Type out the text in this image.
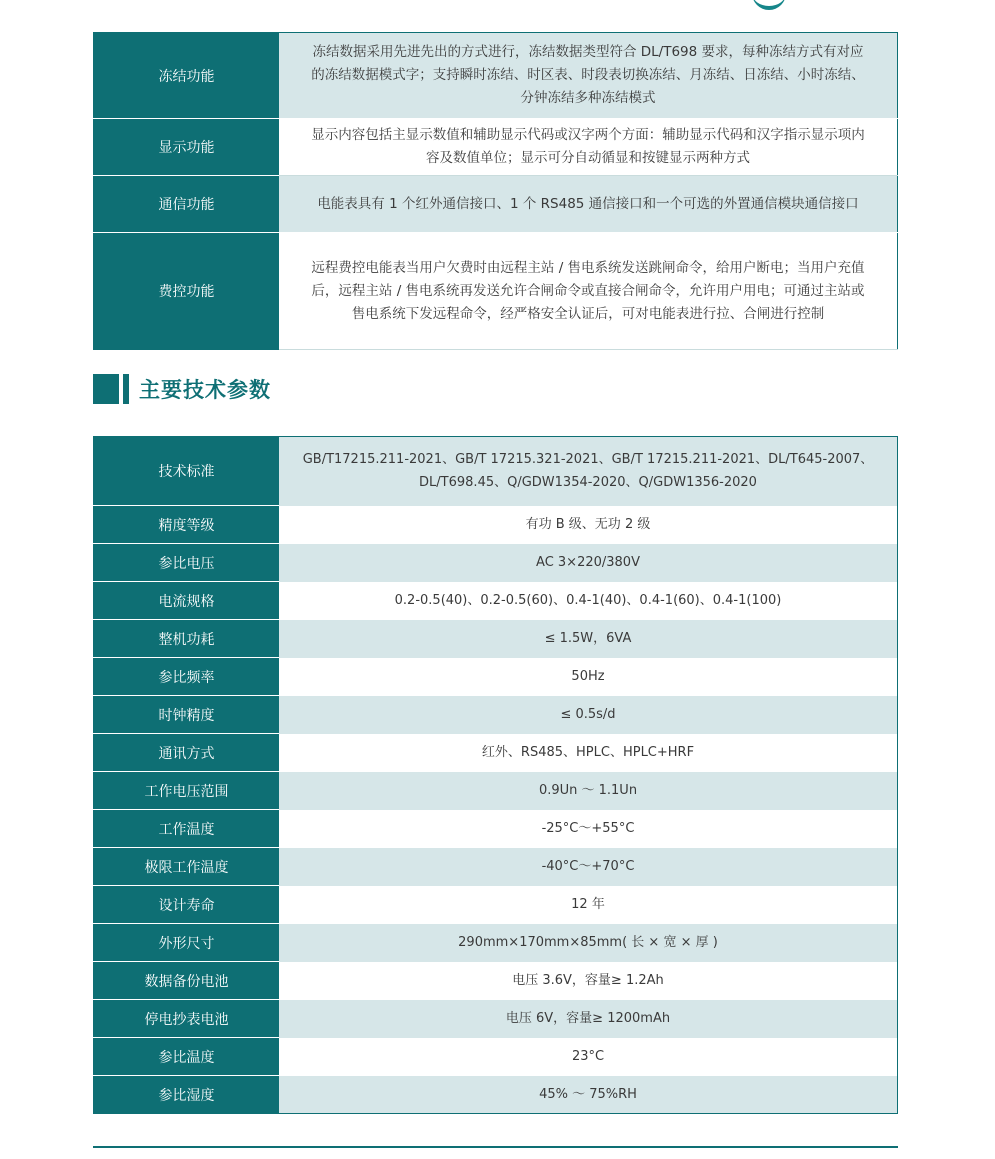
冻结功能	冻结数据采用先进先出的方式进行，冻结数据类型符合 DL/T698 要求，每种冻结方式有对应的冻结数据模式字；支持瞬时冻结、时区表、时段表切换冻结、月冻结、日冻结、小时冻结、分钟冻结多种冻结模式
显示功能	显示内容包括主显示数值和辅助显示代码或汉字两个方面：辅助显示代码和汉字指示显示项内容及数值单位；显示可分自动循显和按键显示两种方式
通信功能	电能表具有 1 个红外通信接口、1 个 RS485 通信接口和一个可选的外置通信模块通信接口
费控功能	远程费控电能表当用户欠费时由远程主站 / 售电系统发送跳闸命令，给用户断电；当用户充值后，远程主站 / 售电系统再发送允许合闸命令或直接合闸命令，允许用户用电；可通过主站或售电系统下发远程命令，经严格安全认证后，可对电能表进行拉、合闸进行控制
主要技术参数
技术标准	GB/T17215.211-2021、GB/T 17215.321-2021、GB/T 17215.211-2021、DL/T645-2007、DL/T698.45、Q/GDW1354-2020、Q/GDW1356-2020
精度等级	有功 B 级、无功 2 级
参比电压	AC 3×220/380V
电流规格	0.2-0.5(40)、0.2-0.5(60)、0.4-1(40)、0.4-1(60)、0.4-1(100)
整机功耗	≤ 1.5W，6VA
参比频率	50Hz
时钟精度	≤ 0.5s/d
通讯方式	红外、RS485、HPLC、HPLC+HRF
工作电压范围	0.9Un ～ 1.1Un
工作温度	-25°C～+55°C
极限工作温度	-40°C～+70°C
设计寿命	12 年
外形尺寸	290mm×170mm×85mm( 长 × 宽 × 厚 )
数据备份电池	电压 3.6V，容量≥ 1.2Ah
停电抄表电池	电压 6V，容量≥ 1200mAh
参比温度	23°C
参比湿度	45% ～ 75%RH
